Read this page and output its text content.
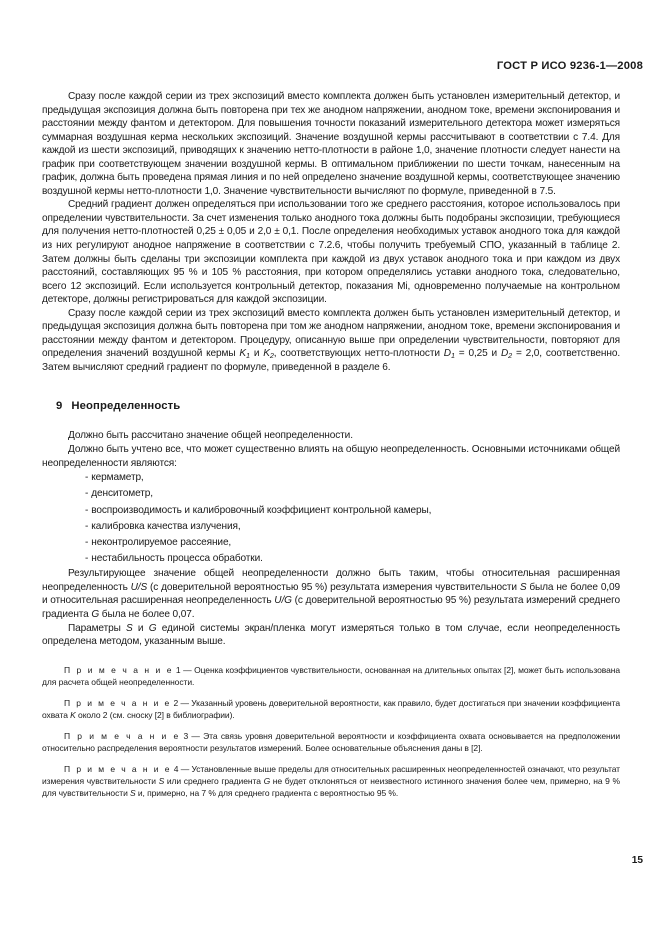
ГОСТ Р ИСО 9236-1—2008

Сразу после каждой серии из трех экспозиций вместо комплекта должен быть установлен измерительный детектор, и предыдущая экспозиция должна быть повторена при тех же анодном напряжении, анодном токе, времени экспонирования и расстоянии между фантом и детектором. Для повышения точности показаний измерительного детектора может измеряться суммарная воздушная керма нескольких экспозиций. Значение воздушной кермы рассчитывают в соответствии с 7.4. Для каждой из шести экспозиций, приводящих к значению нетто-плотности в районе 1,0, значение плотности следует нанести на график при соответствующем значении воздушной кермы. В оптимальном приближении по шести точкам, нанесенным на график, должна быть проведена прямая линия и по ней определено значение воздушной кермы, соответствующее значению воздушной кермы нетто-плотности 1,0. Значение чувствительности вычисляют по формуле, приведенной в 7.5.

Средний градиент должен определяться при использовании того же среднего расстояния, которое использовалось при определении чувствительности. За счет изменения только анодного тока должны быть подобраны экспозиции, требующиеся для получения нетто-плотностей 0,25 ± 0,05 и 2,0 ± 0,1. После определения необходимых уставок анодного тока для каждой из них регулируют анодное напряжение в соответствии с 7.2.6, чтобы получить требуемый СПО, указанный в таблице 2. Затем должны быть сделаны три экспозиции комплекта при каждой из двух уставок анодного тока и при каждом из двух расстояний, составляющих 95 % и 105 % расстояния, при котором определялись уставки анодного тока, следовательно, всего 12 экспозиций. Если используется контрольный детектор, показания Mi, одновременно получаемые на контрольном детекторе, должны регистрироваться для каждой экспозиции.

Сразу после каждой серии из трех экспозиций вместо комплекта должен быть установлен измерительный детектор, и предыдущая экспозиция должна быть повторена при том же анодном напряжении, анодном токе, времени экспонирования и расстоянии между фантом и детектором. Процедуру, описанную выше при определении чувствительности, повторяют для определения значений воздушной кермы $K_1$ и $K_2$, соответствующих нетто-плотности $D_1 = 0,25$ и $D_2 = 2,0$, соответственно. Затем вычисляют средний градиент по формуле, приведенной в разделе 6.

9 Неопределенность

Должно быть рассчитано значение общей неопределенности.

Должно быть учтено все, что может существенно влиять на общую неопределенность. Основными источниками общей неопределенности являются:

- кермаметр,
- денситометр,
- воспроизводимость и калибровочный коэффициент контрольной камеры,
- калибровка качества излучения,
- неконтролируемое рассеяние,
- нестабильность процесса обработки.

Результирующее значение общей неопределенности должно быть таким, чтобы относительная расширенная неопределенность U/S (с доверительной вероятностью 95 %) результата измерения чувствительности S была не более 0,09 и относительная расширенная неопределенность U/G (с доверительной вероятностью 95 %) результата измерений среднего градиента G была не более 0,07.

Параметры S и G единой системы экран/пленка могут измеряться только в том случае, если неопределенность определена методом, указанным выше.

П р и м е ч а н и е 1 — Оценка коэффициентов чувствительности, основанная на длительных опытах [2], может быть использована для расчета общей неопределенности.

П р и м е ч а н и е 2 — Указанный уровень доверительной вероятности, как правило, будет достигаться при значении коэффициента охвата K около 2 (см. сноску [2] в библиографии).

П р и м е ч а н и е 3 — Эта связь уровня доверительной вероятности и коэффициента охвата основывается на предположении относительно распределения вероятности результатов измерений. Более основательные объяснения даны в [2].

П р и м е ч а н и е 4 — Установленные выше пределы для относительных расширенных неопределенностей означают, что результат измерения чувствительности S или среднего градиента G не будет отклоняться от неизвестного истинного значения более чем, примерно, на 9 % для чувствительности S и, примерно, на 7 % для среднего градиента с вероятностью 95 %.

15
